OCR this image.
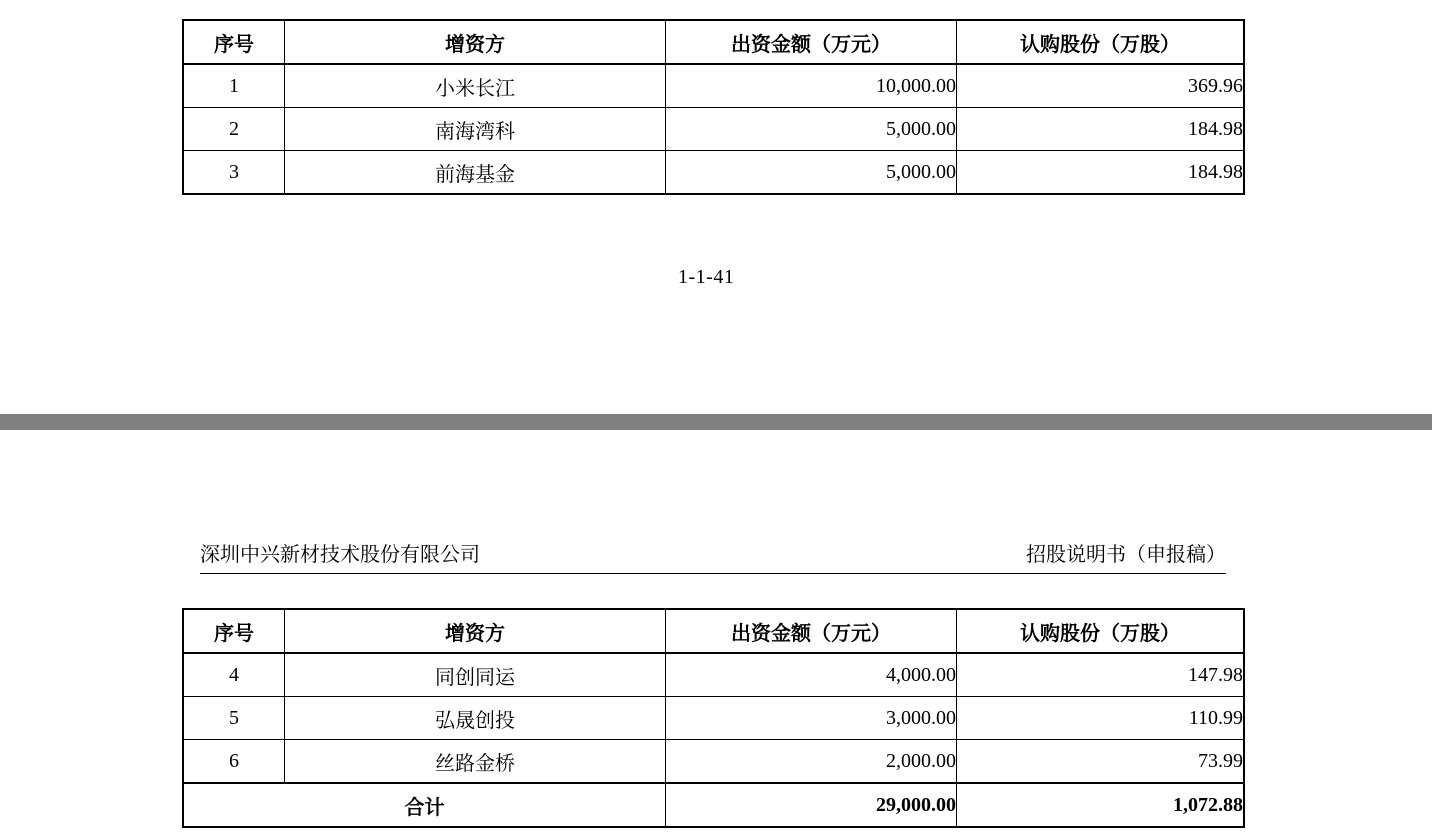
序号	增资方	出资金额（万元）	认购股份（万股）
1	小米长江	10,000.00	369.96
2	南海湾科	5,000.00	184.98
3	前海基金	5,000.00	184.98
1-1-41
深圳中兴新材技术股份有限公司	招股说明书（申报稿）
序号	增资方	出资金额（万元）	认购股份（万股）
4	同创同运	4,000.00	147.98
5	弘晟创投	3,000.00	110.99
6	丝路金桥	2,000.00	73.99
合计		29,000.00	1,072.88
